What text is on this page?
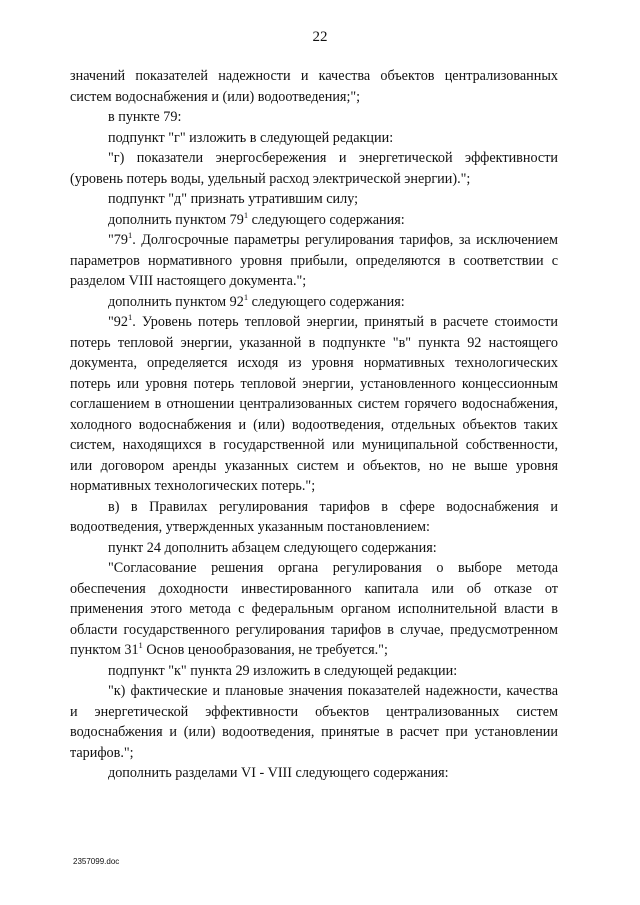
22

значений показателей надежности и качества объектов централизованных систем водоснабжения и (или) водоотведения;";

в пункте 79:

подпункт "г" изложить в следующей редакции:

"г) показатели энергосбережения и энергетической эффективности (уровень потерь воды, удельный расход электрической энергии).";

подпункт "д" признать утратившим силу;

дополнить пунктом $79^1$ следующего содержания:

"$79^1$. Долгосрочные параметры регулирования тарифов, за исключением параметров нормативного уровня прибыли, определяются в соответствии с разделом VIII настоящего документа.";

дополнить пунктом $92^1$ следующего содержания:

"$92^1$. Уровень потерь тепловой энергии, принятый в расчете стоимости потерь тепловой энергии, указанной в подпункте "в" пункта 92 настоящего документа, определяется исходя из уровня нормативных технологических потерь или уровня потерь тепловой энергии, установленного концессионным соглашением в отношении централизованных систем горячего водоснабжения, холодного водоснабжения и (или) водоотведения, отдельных объектов таких систем, находящихся в государственной или муниципальной собственности, или договором аренды указанных систем и объектов, но не выше уровня нормативных технологических потерь.";

в) в Правилах регулирования тарифов в сфере водоснабжения и водоотведения, утвержденных указанным постановлением:

пункт 24 дополнить абзацем следующего содержания:

"Согласование решения органа регулирования о выборе метода обеспечения доходности инвестированного капитала или об отказе от применения этого метода с федеральным органом исполнительной власти в области государственного регулирования тарифов в случае, предусмотренном пунктом $31^1$ Основ ценообразования, не требуется.";

подпункт "к" пункта 29 изложить в следующей редакции:

"к) фактические и плановые значения показателей надежности, качества и энергетической эффективности объектов централизованных систем водоснабжения и (или) водоотведения, принятые в расчет при установлении тарифов.";

дополнить разделами VI - VIII следующего содержания:

2357099.doc
